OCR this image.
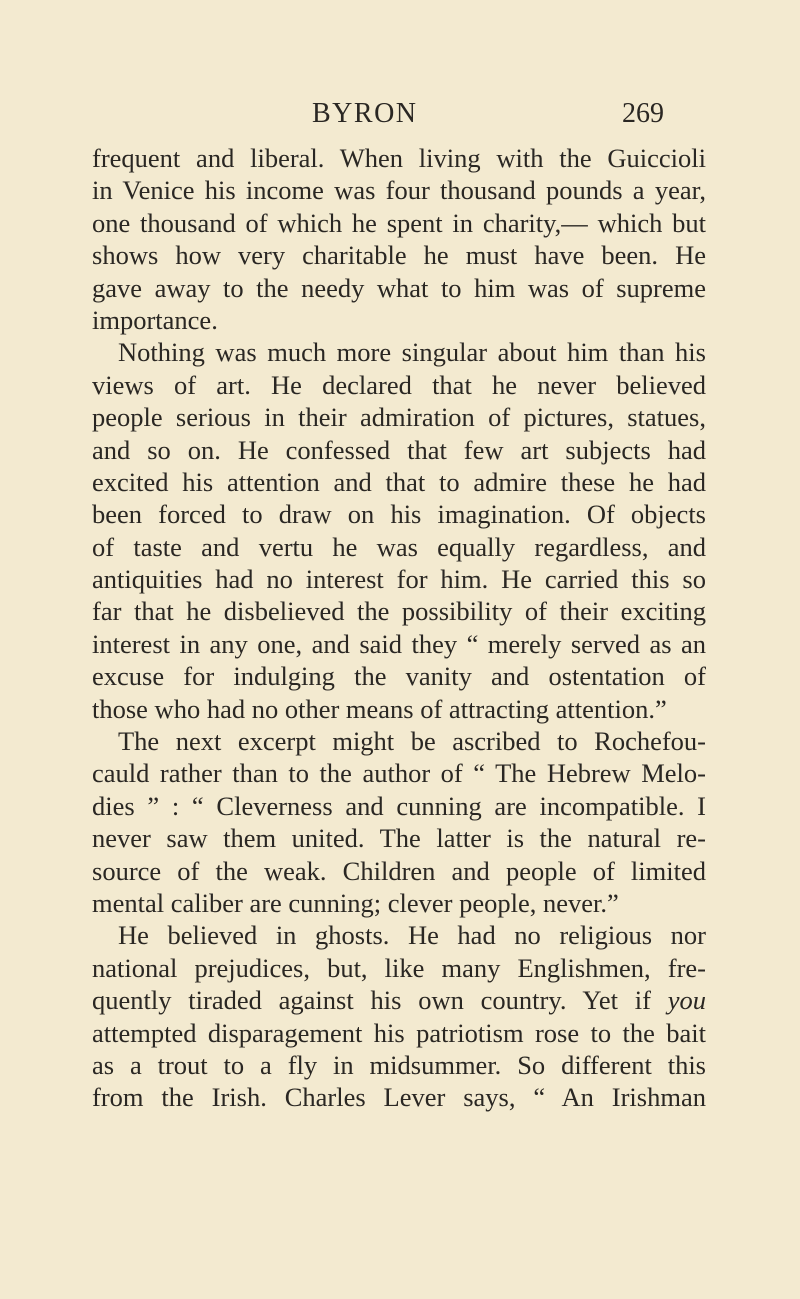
BYRON	269
frequent and liberal. When living with the Guiccioli
in Venice his income was four thousand pounds a year,
one thousand of which he spent in charity,— which but
shows how very charitable he must have been. He
gave away to the needy what to him was of supreme
importance.
Nothing was much more singular about him than his
views of art. He declared that he never believed
people serious in their admiration of pictures, statues,
and so on. He confessed that few art subjects had
excited his attention and that to admire these he had
been forced to draw on his imagination. Of objects
of taste and vertu he was equally regardless, and
antiquities had no interest for him. He carried this so
far that he disbelieved the possibility of their exciting
interest in any one, and said they “ merely served as an
excuse for indulging the vanity and ostentation of
those who had no other means of attracting attention.”
The next excerpt might be ascribed to Rochefou-
cauld rather than to the author of “ The Hebrew Melo-
dies ” : “ Cleverness and cunning are incompatible. I
never saw them united. The latter is the natural re-
source of the weak. Children and people of limited
mental caliber are cunning; clever people, never.”
He believed in ghosts. He had no religious nor
national prejudices, but, like many Englishmen, fre-
quently tiraded against his own country. Yet if you
attempted disparagement his patriotism rose to the bait
as a trout to a fly in midsummer. So different this
from the Irish. Charles Lever says, “ An Irishman
